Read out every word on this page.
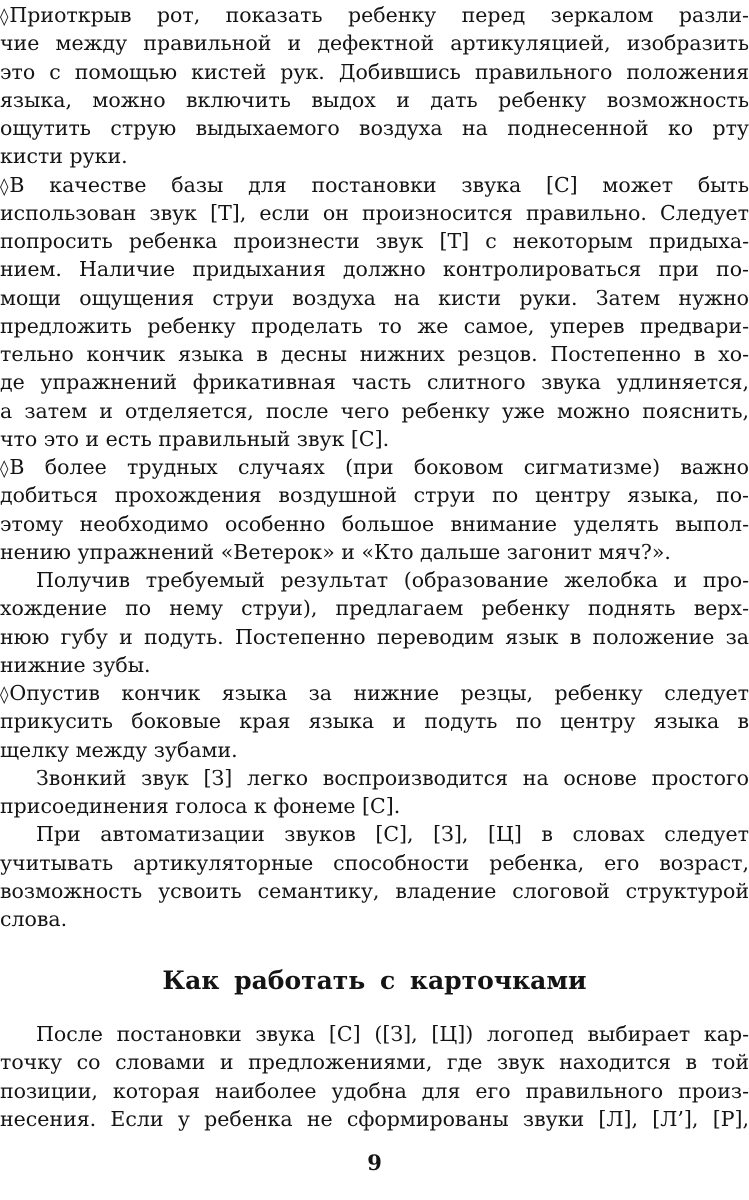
◊Приоткрыв рот, показать ребенку перед зеркалом разли-
чие между правильной и дефектной артикуляцией, изобразить
это с помощью кистей рук. Добившись правильного положения
языка, можно включить выдох и дать ребенку возможность
ощутить струю выдыхаемого воздуха на поднесенной ко рту
кисти руки.
◊В качестве базы для постановки звука [С] может быть
использован звук [Т], если он произносится правильно. Следует
попросить ребенка произнести звук [Т] с некоторым придыха-
нием. Наличие придыхания должно контролироваться при по-
мощи ощущения струи воздуха на кисти руки. Затем нужно
предложить ребенку проделать то же самое, уперев предвари-
тельно кончик языка в десны нижних резцов. Постепенно в хо-
де упражнений фрикативная часть слитного звука удлиняется,
а затем и отделяется, после чего ребенку уже можно пояснить,
что это и есть правильный звук [С].
◊В более трудных случаях (при боковом сигматизме) важно
добиться прохождения воздушной струи по центру языка, по-
этому необходимо особенно большое внимание уделять выпол-
нению упражнений «Ветерок» и «Кто дальше загонит мяч?».
Получив требуемый результат (образование желобка и про-
хождение по нему струи), предлагаем ребенку поднять верх-
нюю губу и подуть. Постепенно переводим язык в положение за
нижние зубы.
◊Опустив кончик языка за нижние резцы, ребенку следует
прикусить боковые края языка и подуть по центру языка в
щелку между зубами.
Звонкий звук [З] легко воспроизводится на основе простого
присоединения голоса к фонеме [С].
При автоматизации звуков [С], [З], [Ц] в словах следует
учитывать артикуляторные способности ребенка, его возраст,
возможность усвоить семантику, владение слоговой структурой
слова.
Как работать с карточками
После постановки звука [С] ([З], [Ц]) логопед выбирает кар-
точку со словами и предложениями, где звук находится в той
позиции, которая наиболее удобна для его правильного произ-
несения. Если у ребенка не сформированы звуки [Л], [Л’], [Р],
9
